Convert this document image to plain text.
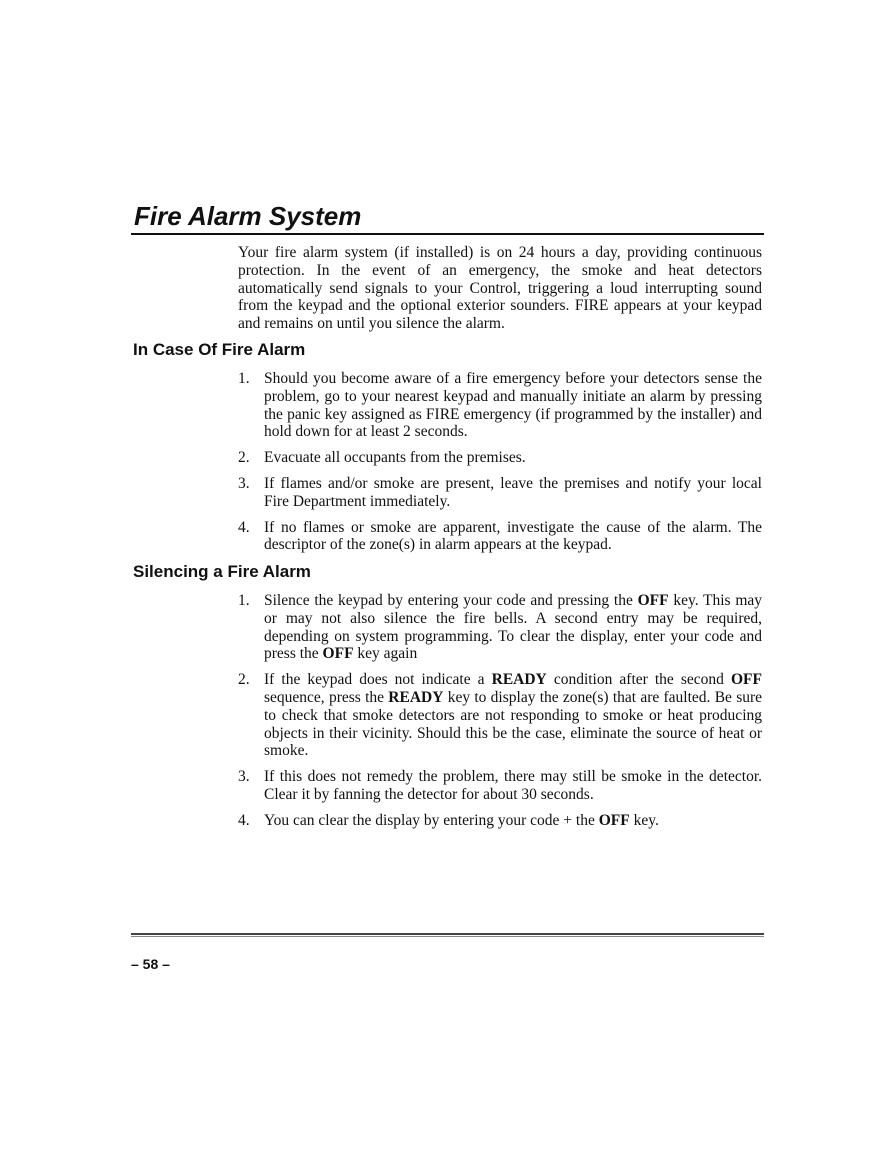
Fire Alarm System

Your fire alarm system (if installed) is on 24 hours a day, providing continuous protection. In the event of an emergency, the smoke and heat detectors automatically send signals to your Control, triggering a loud interrupting sound from the keypad and the optional exterior sounders. FIRE appears at your keypad and remains on until you silence the alarm.

In Case Of Fire Alarm
1. Should you become aware of a fire emergency before your detectors sense the problem, go to your nearest keypad and manually initiate an alarm by pressing the panic key assigned as FIRE emergency (if programmed by the installer) and hold down for at least 2 seconds.
2. Evacuate all occupants from the premises.
3. If flames and/or smoke are present, leave the premises and notify your local Fire Department immediately.
4. If no flames or smoke are apparent, investigate the cause of the alarm. The descriptor of the zone(s) in alarm appears at the keypad.
Silencing a Fire Alarm
1. Silence the keypad by entering your code and pressing the OFF key. This may or may not also silence the fire bells. A second entry may be required, depending on system programming. To clear the display, enter your code and press the OFF key again
2. If the keypad does not indicate a READY condition after the second OFF sequence, press the READY key to display the zone(s) that are faulted. Be sure to check that smoke detectors are not responding to smoke or heat producing objects in their vicinity. Should this be the case, eliminate the source of heat or smoke.
3. If this does not remedy the problem, there may still be smoke in the detector. Clear it by fanning the detector for about 30 seconds.
4. You can clear the display by entering your code + the OFF key.
– 58 –
